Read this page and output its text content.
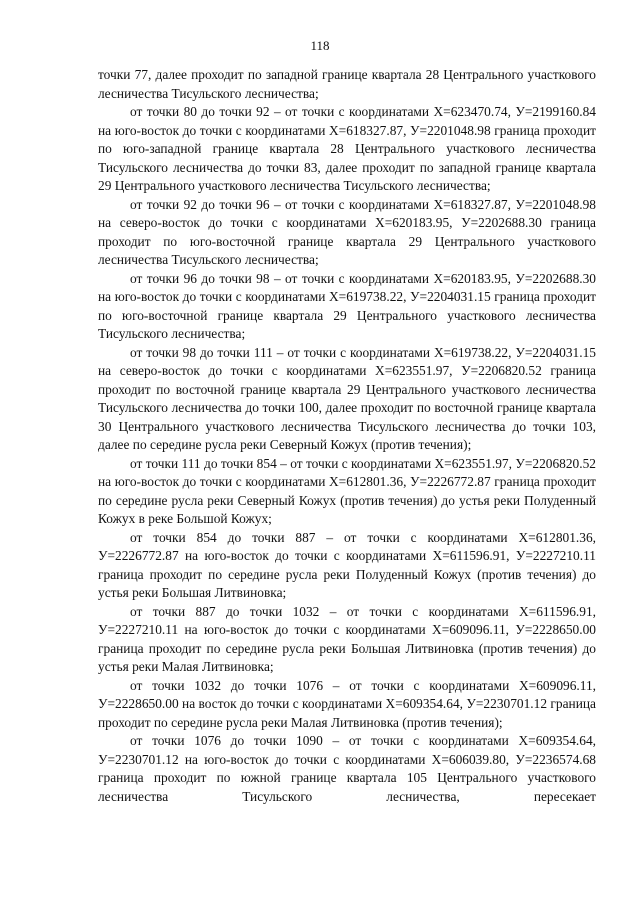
118

точки 77, далее проходит по западной границе квартала 28 Центрального участкового лесничества Тисульского лесничества;

от точки 80 до точки 92 – от точки с координатами Х=623470.74, У=2199160.84 на юго-восток до точки с координатами Х=618327.87, У=2201048.98 граница проходит по юго-западной границе квартала 28 Центрального участкового лесничества Тисульского лесничества до точки 83, далее проходит по западной границе квартала 29 Центрального участкового лесничества Тисульского лесничества;

от точки 92 до точки 96 – от точки с координатами Х=618327.87, У=2201048.98 на северо-восток до точки с координатами Х=620183.95, У=2202688.30 граница проходит по юго-восточной границе квартала 29 Центрального участкового лесничества Тисульского лесничества;

от точки 96 до точки 98 – от точки с координатами Х=620183.95, У=2202688.30 на юго-восток до точки с координатами Х=619738.22, У=2204031.15 граница проходит по юго-восточной границе квартала 29 Центрального участкового лесничества Тисульского лесничества;

от точки 98 до точки 111 – от точки с координатами Х=619738.22, У=2204031.15 на северо-восток до точки с координатами Х=623551.97, У=2206820.52 граница проходит по восточной границе квартала 29 Центрального участкового лесничества Тисульского лесничества до точки 100, далее проходит по восточной границе квартала 30 Центрального участкового лесничества Тисульского лесничества до точки 103, далее по середине русла реки Северный Кожух (против течения);

от точки 111 до точки 854 – от точки с координатами Х=623551.97, У=2206820.52 на юго-восток до точки с координатами Х=612801.36, У=2226772.87 граница проходит по середине русла реки Северный Кожух (против течения) до устья реки Полуденный Кожух в реке Большой Кожух;

от точки 854 до точки 887 – от точки с координатами Х=612801.36, У=2226772.87 на юго-восток до точки с координатами Х=611596.91, У=2227210.11 граница проходит по середине русла реки Полуденный Кожух (против течения) до устья реки Большая Литвиновка;

от точки 887 до точки 1032 – от точки с координатами Х=611596.91, У=2227210.11 на юго-восток до точки с координатами Х=609096.11, У=2228650.00 граница проходит по середине русла реки Большая Литвиновка (против течения) до устья реки Малая Литвиновка;

от точки 1032 до точки 1076 – от точки с координатами Х=609096.11, У=2228650.00 на восток до точки с координатами Х=609354.64, У=2230701.12 граница проходит по середине русла реки Малая Литвиновка (против течения);

от точки 1076 до точки 1090 – от точки с координатами Х=609354.64, У=2230701.12 на юго-восток до точки с координатами Х=606039.80, У=2236574.68 граница проходит по южной границе квартала 105 Центрального участкового лесничества Тисульского лесничества, пересекает
